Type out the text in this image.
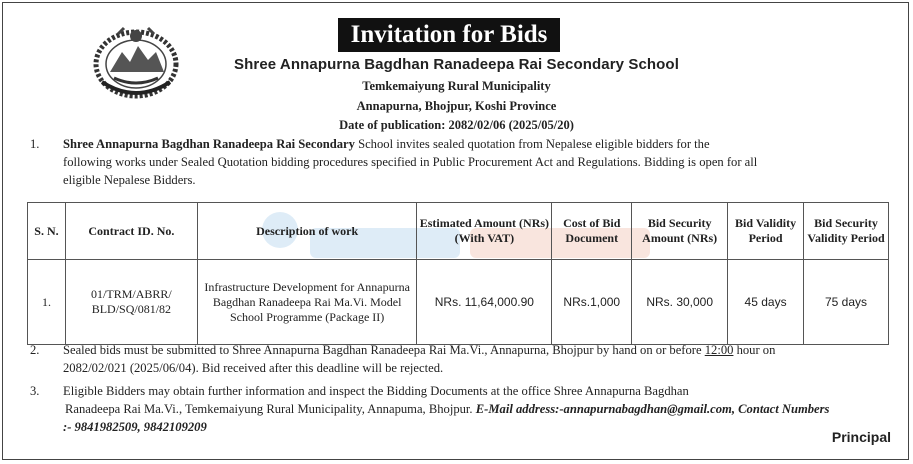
Invitation for Bids
Shree Annapurna Bagdhan Ranadeepa Rai Secondary School
Temkemaiyung Rural Municipality
Annapurna, Bhojpur, Koshi Province
Date of publication: 2082/02/06 (2025/05/20)
1. Shree Annapurna Bagdhan Ranadeepa Rai Secondary School invites sealed quotation from Nepalese eligible bidders for the
following works under Sealed Quotation bidding procedures specified in Public Procurement Act and Regulations. Bidding is open for all
eligible Nepalese Bidders.
S. N.	Contract ID. No.	Description of work	Estimated Amount (NRs) (With VAT)	Cost of Bid Document	Bid Security Amount (NRs)	Bid Validity Period	Bid Security Validity Period
1.	01/TRM/ABRR/ BLD/SQ/081/82	Infrastructure Development for Annapurna Bagdhan Ranadeepa Rai Ma.Vi. Model School Programme (Package II)	NRs. 11,64,000.90	NRs.1,000	NRs. 30,000	45 days	75 days
2. Sealed bids must be submitted to Shree Annapurna Bagdhan Ranadeepa Rai Ma.Vi., Annapurna, Bhojpur by hand on or before 12:00 hour on
2082/02/021 (2025/06/04). Bid received after this deadline will be rejected.
3. Eligible Bidders may obtain further information and inspect the Bidding Documents at the office Shree Annapurna Bagdhan
Ranadeepa Rai Ma.Vi., Temkemaiyung Rural Municipality, Annapuma, Bhojpur. E-Mail address:-annapurnabagdhan@gmail.com, Contact Numbers
:- 9841982509, 9842109209
Principal
